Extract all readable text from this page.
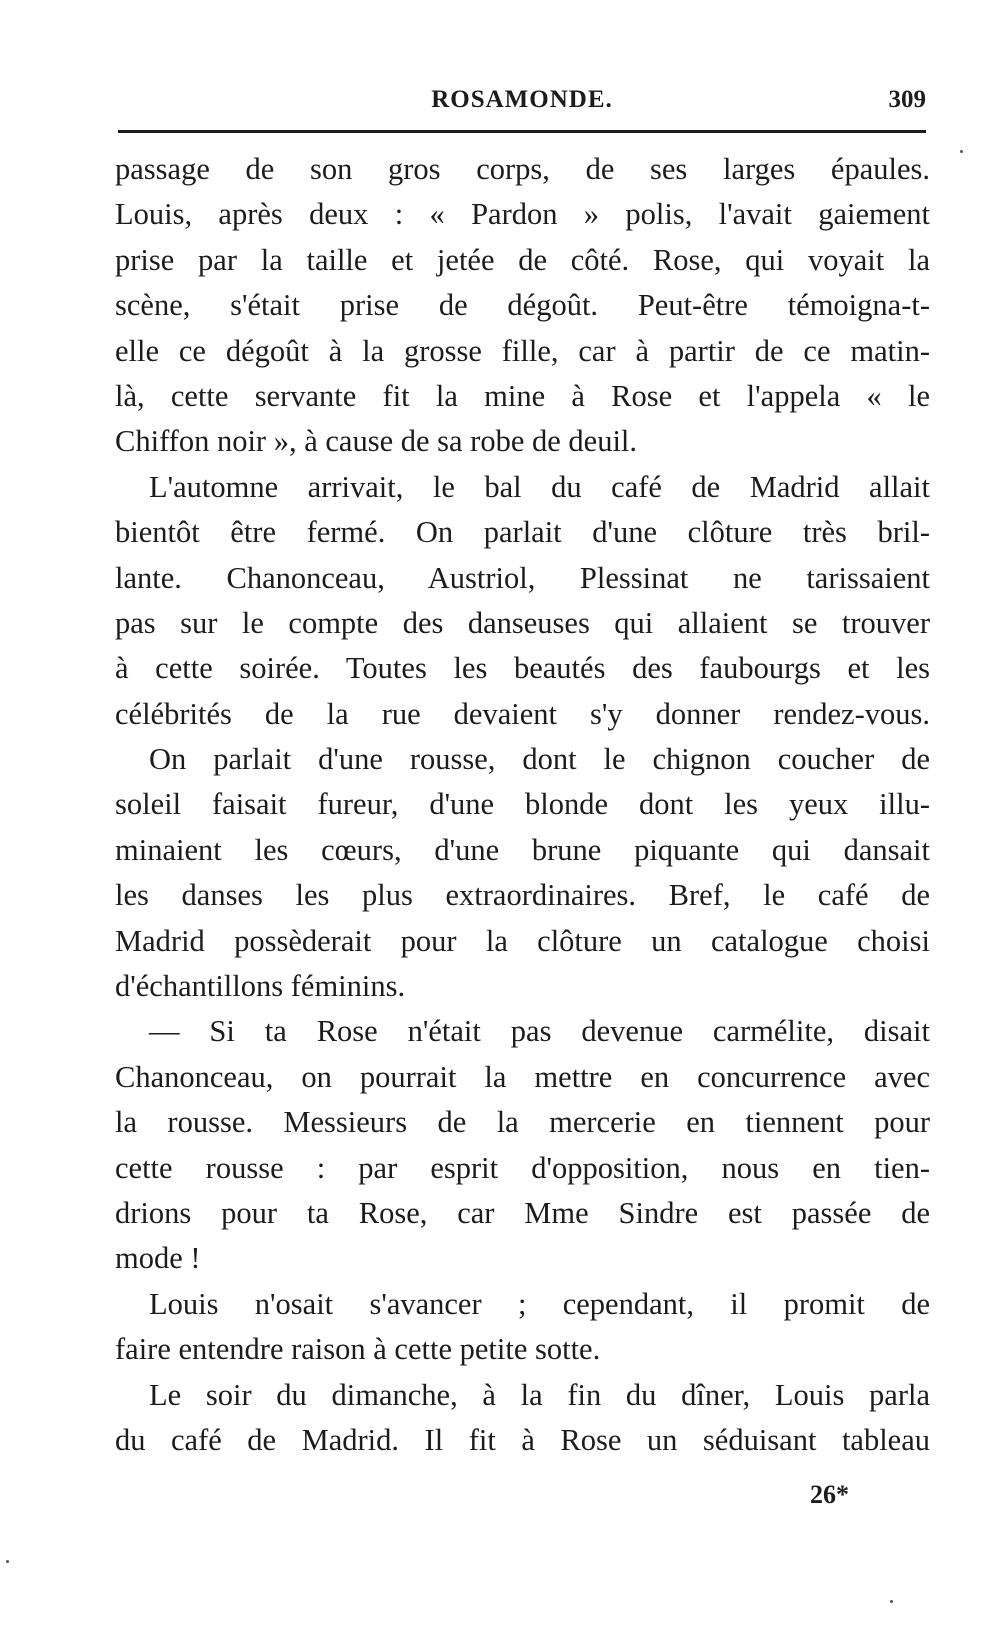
ROSAMONDE.	309
passage de son gros corps, de ses larges épaules.
Louis, après deux : « Pardon » polis, l'avait gaiement
prise par la taille et jetée de côté. Rose, qui voyait la
scène, s'était prise de dégoût. Peut-être témoigna-t-
elle ce dégoût à la grosse fille, car à partir de ce matin-
là, cette servante fit la mine à Rose et l'appela « le
Chiffon noir », à cause de sa robe de deuil.
L'automne arrivait, le bal du café de Madrid allait
bientôt être fermé. On parlait d'une clôture très bril-
lante. Chanonceau, Austriol, Plessinat ne tarissaient
pas sur le compte des danseuses qui allaient se trouver
à cette soirée. Toutes les beautés des faubourgs et les
célébrités de la rue devaient s'y donner rendez-vous.
On parlait d'une rousse, dont le chignon coucher de
soleil faisait fureur, d'une blonde dont les yeux illu-
minaient les cœurs, d'une brune piquante qui dansait
les danses les plus extraordinaires. Bref, le café de
Madrid possèderait pour la clôture un catalogue choisi
d'échantillons féminins.
— Si ta Rose n'était pas devenue carmélite, disait
Chanonceau, on pourrait la mettre en concurrence avec
la rousse. Messieurs de la mercerie en tiennent pour
cette rousse : par esprit d'opposition, nous en tien-
drions pour ta Rose, car Mme Sindre est passée de
mode !
Louis n'osait s'avancer ; cependant, il promit de
faire entendre raison à cette petite sotte.
Le soir du dimanche, à la fin du dîner, Louis parla
du café de Madrid. Il fit à Rose un séduisant tableau
26*
